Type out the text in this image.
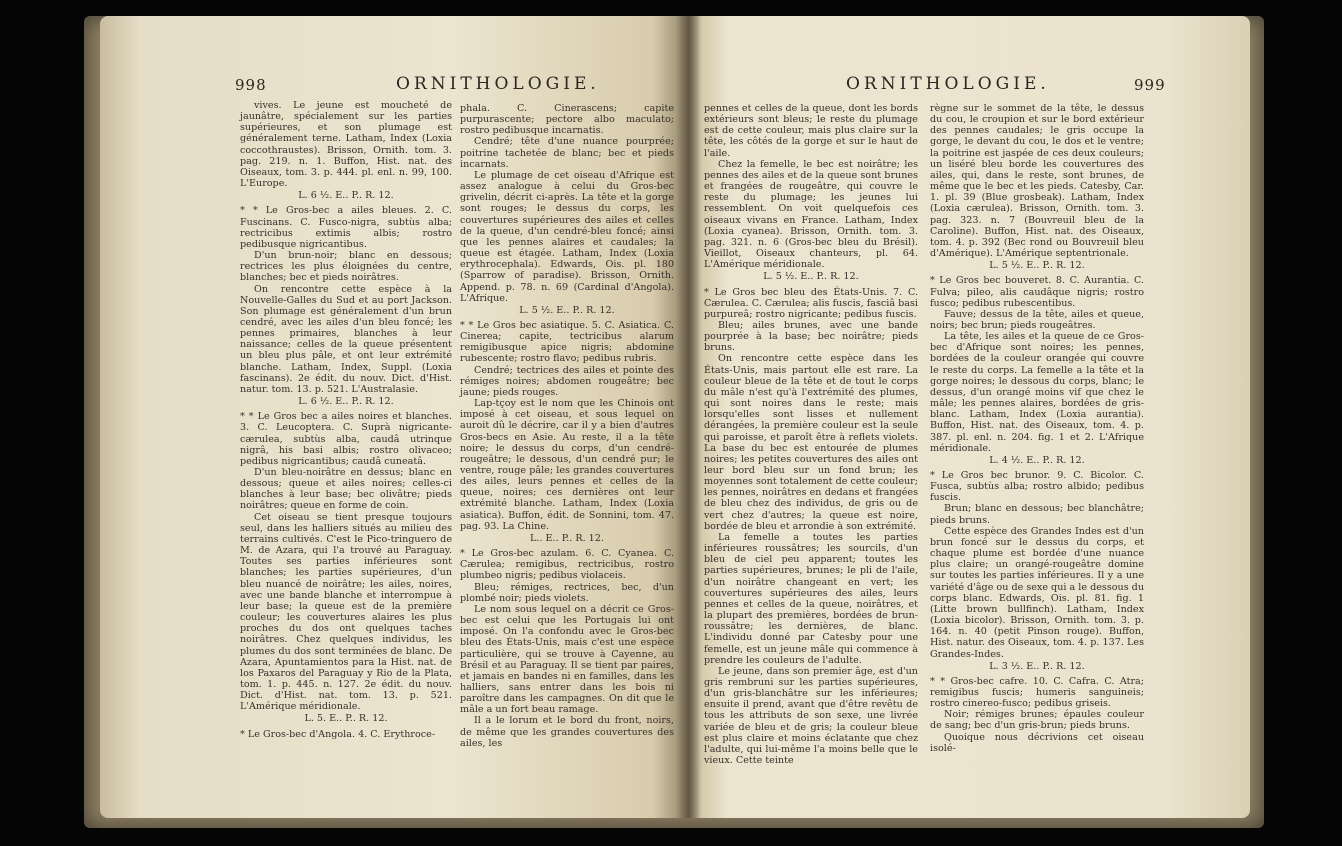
998	ORNITHOLOGIE.

vives. Le jeune est moucheté de jaunâtre, spécialement sur les parties supérieures, et son plumage est généralement terne. Latham, Index (Loxia coccothraustes). Brisson, Ornith. tom. 3. pag. 219. n. 1. Buffon, Hist. nat. des Oiseaux, tom. 3. p. 444. pl. enl. n. 99, 100. L'Europe.

L. 6 ½. E.. P.. R. 12.

* * Le Gros-bec a ailes bleues. 2. C. Fuscinans. C. Fusco-nigra, subtùs alba; rectricibus extimis albis; rostro pedibusque nigricantibus.

D'un brun-noir; blanc en dessous; rectrices les plus éloignées du centre, blanches; bec et pieds noirâtres.

On rencontre cette espèce à la Nouvelle-Galles du Sud et au port Jackson. Son plumage est généralement d'un brun cendré, avec les ailes d'un bleu foncé; les pennes primaires, blanches à leur naissance; celles de la queue présentent un bleu plus pâle, et ont leur extrémité blanche. Latham, Index, Suppl. (Loxia fascinans). 2e édit. du nouv. Dict. d'Hist. natur. tom. 13. p. 521. L'Australasie.

L. 6 ½. E.. P.. R. 12.

* * Le Gros bec a ailes noires et blanches. 3. C. Leucoptera. C. Suprà nigricante-cærulea, subtùs alba, caudâ utrinque nigrâ, his basi albis; rostro olivaceo; pedibus nigricantibus; caudâ cuneatâ.

D'un bleu-noirâtre en dessus; blanc en dessous; queue et ailes noires; celles-ci blanches à leur base; bec olivâtre; pieds noirâtres; queue en forme de coin.

Cet oiseau se tient presque toujours seul, dans les halliers situés au milieu des terrains cultivés. C'est le Pico-tringuero de M. de Azara, qui l'a trouvé au Paraguay. Toutes ses parties inférieures sont blanches; les parties supérieures, d'un bleu nuancé de noirâtre; les ailes, noires, avec une bande blanche et interrompue à leur base; la queue est de la première couleur; les couvertures alaires les plus proches du dos ont quelques taches noirâtres. Chez quelques individus, les plumes du dos sont terminées de blanc. De Azara, Apuntamientos para la Hist. nat. de los Paxaros del Paraguay y Rio de la Plata, tom. 1. p. 445. n. 127. 2e édit. du nouv. Dict. d'Hist. nat. tom. 13. p. 521. L'Amérique méridionale.

L. 5. E.. P.. R. 12.

* Le Gros-bec d'Angola. 4. C. Erythroce-

phala. C. Cinerascens; capite purpurascente; pectore albo maculato; rostro pedibusque incarnatis.

Cendré; tête d'une nuance pourprée; poitrine tachetée de blanc; bec et pieds incarnats.

Le plumage de cet oiseau d'Afrique est assez analogue à celui du Gros-bec grivelin, décrit ci-après. La tête et la gorge sont rouges; le dessus du corps, les couvertures supérieures des ailes et celles de la queue, d'un cendré-bleu foncé; ainsi que les pennes alaires et caudales; la queue est étagée. Latham, Index (Loxia erythrocephala). Edwards, Ois. pl. 180 (Sparrow of paradise). Brisson, Ornith. Append. p. 78. n. 69 (Cardinal d'Angola). L'Afrique.

L. 5 ½. E.. P.. R. 12.

* * Le Gros bec asiatique. 5. C. Asiatica. C. Cinerea; capite, tectricibus alarum remigibusque apice nigris; abdomine rubescente; rostro flavo; pedibus rubris.

Cendré; tectrices des ailes et pointe des rémiges noires; abdomen rougeâtre; bec jaune; pieds rouges.

Lap-tçoy est le nom que les Chinois ont imposé à cet oiseau, et sous lequel on auroit dû le décrire, car il y a bien d'autres Gros-becs en Asie. Au reste, il a la tête noire; le dessus du corps, d'un cendré-rougeâtre; le dessous, d'un cendré pur; le ventre, rouge pâle; les grandes couvertures des ailes, leurs pennes et celles de la queue, noires; ces dernières ont leur extrémité blanche. Latham, Index (Loxia asiatica). Buffon, édit. de Sonnini, tom. 47. pag. 93. La Chine.

L.. E.. P.. R. 12.

* Le Gros-bec azulam. 6. C. Cyanea. C. Cærulea; remigibus, rectricibus, rostro plumbeo nigris; pedibus violaceis.

Bleu; rémiges, rectrices, bec, d'un plombé noir; pieds violets.

Le nom sous lequel on a décrit ce Gros-bec est celui que les Portugais lui ont imposé. On l'a confondu avec le Gros-bec bleu des États-Unis, mais c'est une espèce particulière, qui se trouve à Cayenne, au Brésil et au Paraguay. Il se tient par paires, et jamais en bandes ni en familles, dans les halliers, sans entrer dans les bois ni paroître dans les campagnes. On dit que le mâle a un fort beau ramage.

Il a le lorum et le bord du front, noirs, de même que les grandes couvertures des ailes, les

ORNITHOLOGIE.	999

pennes et celles de la queue, dont les bords extérieurs sont bleus; le reste du plumage est de cette couleur, mais plus claire sur la tête, les côtés de la gorge et sur le haut de l'aile.

Chez la femelle, le bec est noirâtre; les pennes des ailes et de la queue sont brunes et frangées de rougeâtre, qui couvre le reste du plumage; les jeunes lui ressemblent. On voit quelquefois ces oiseaux vivans en France. Latham, Index (Loxia cyanea). Brisson, Ornith. tom. 3. pag. 321. n. 6 (Gros-bec bleu du Brésil). Vieillot, Oiseaux chanteurs, pl. 64. L'Amérique méridionale.

L. 5 ½. E.. P.. R. 12.

* Le Gros bec bleu des États-Unis. 7. C. Cærulea. C. Cærulea; alis fuscis, fasciâ basi purpureâ; rostro nigricante; pedibus fuscis.

Bleu; ailes brunes, avec une bande pourprée à la base; bec noirâtre; pieds bruns.

On rencontre cette espèce dans les États-Unis, mais partout elle est rare. La couleur bleue de la tête et de tout le corps du mâle n'est qu'à l'extrémité des plumes, qui sont noires dans le reste; mais lorsqu'elles sont lisses et nullement dérangées, la première couleur est la seule qui paroisse, et paroît être à reflets violets. La base du bec est entourée de plumes noires; les petites couvertures des ailes ont leur bord bleu sur un fond brun; les moyennes sont totalement de cette couleur; les pennes, noirâtres en dedans et frangées de bleu chez des individus, de gris ou de vert chez d'autres; la queue est noire, bordée de bleu et arrondie à son extrémité.

La femelle a toutes les parties inférieures roussâtres; les sourcils, d'un bleu de ciel peu apparent; toutes les parties supérieures, brunes; le pli de l'aile, d'un noirâtre changeant en vert; les couvertures supérieures des ailes, leurs pennes et celles de la queue, noirâtres, et la plupart des premières, bordées de brun-roussâtre; les dernières, de blanc. L'individu donné par Catesby pour une femelle, est un jeune mâle qui commence à prendre les couleurs de l'adulte.

Le jeune, dans son premier âge, est d'un gris rembruni sur les parties supérieures, d'un gris-blanchâtre sur les inférieures; ensuite il prend, avant que d'être revêtu de tous les attributs de son sexe, une livrée variée de bleu et de gris; la couleur bleue est plus claire et moins éclatante que chez l'adulte, qui lui-même l'a moins belle que le vieux. Cette teinte

règne sur le sommet de la tête, le dessus du cou, le croupion et sur le bord extérieur des pennes caudales; le gris occupe la gorge, le devant du cou, le dos et le ventre; la poitrine est jaspée de ces deux couleurs; un liséré bleu borde les couvertures des ailes, qui, dans le reste, sont brunes, de même que le bec et les pieds. Catesby, Car. 1. pl. 39 (Blue grosbeak). Latham, Index (Loxia cærulea). Brisson, Ornith. tom. 3. pag. 323. n. 7 (Bouvreuil bleu de la Caroline). Buffon, Hist. nat. des Oiseaux, tom. 4. p. 392 (Bec rond ou Bouvreuil bleu d'Amérique). L'Amérique septentrionale.

L. 5 ½. E.. P.. R. 12.

* Le Gros bec bouveret. 8. C. Aurantia. C. Fulva; pileo, alis caudâque nigris; rostro fusco; pedibus rubescentibus.

Fauve; dessus de la tête, ailes et queue, noirs; bec brun; pieds rougeâtres.

La tête, les ailes et la queue de ce Gros-bec d'Afrique sont noires; les pennes, bordées de la couleur orangée qui couvre le reste du corps. La femelle a la tête et la gorge noires; le dessous du corps, blanc; le dessus, d'un orangé moins vif que chez le mâle; les pennes alaires, bordées de gris-blanc. Latham, Index (Loxia aurantia). Buffon, Hist. nat. des Oiseaux, tom. 4. p. 387. pl. enl. n. 204. fig. 1 et 2. L'Afrique méridionale.

L. 4 ½. E.. P.. R. 12.

* Le Gros bec brunor. 9. C. Bicolor. C. Fusca, subtùs alba; rostro albido; pedibus fuscis.

Brun; blanc en dessous; bec blanchâtre; pieds bruns.

Cette espèce des Grandes Indes est d'un brun foncé sur le dessus du corps, et chaque plume est bordée d'une nuance plus claire; un orangé-rougeâtre domine sur toutes les parties inférieures. Il y a une variété d'âge ou de sexe qui a le dessous du corps blanc. Edwards, Ois. pl. 81. fig. 1 (Litte brown bullfinch). Latham, Index (Loxia bicolor). Brisson, Ornith. tom. 3. p. 164. n. 40 (petit Pinson rouge). Buffon, Hist. natur. des Oiseaux, tom. 4. p. 137. Les Grandes-Indes.

L. 3 ½. E.. P.. R. 12.

* * Gros-bec cafre. 10. C. Cafra. C. Atra; remigibus fuscis; humeris sanguineis; rostro cinereo-fusco; pedibus griseis.

Noir; rémiges brunes; épaules couleur de sang; bec d'un gris-brun; pieds bruns.

Quoique nous décrivions cet oiseau isolé-
